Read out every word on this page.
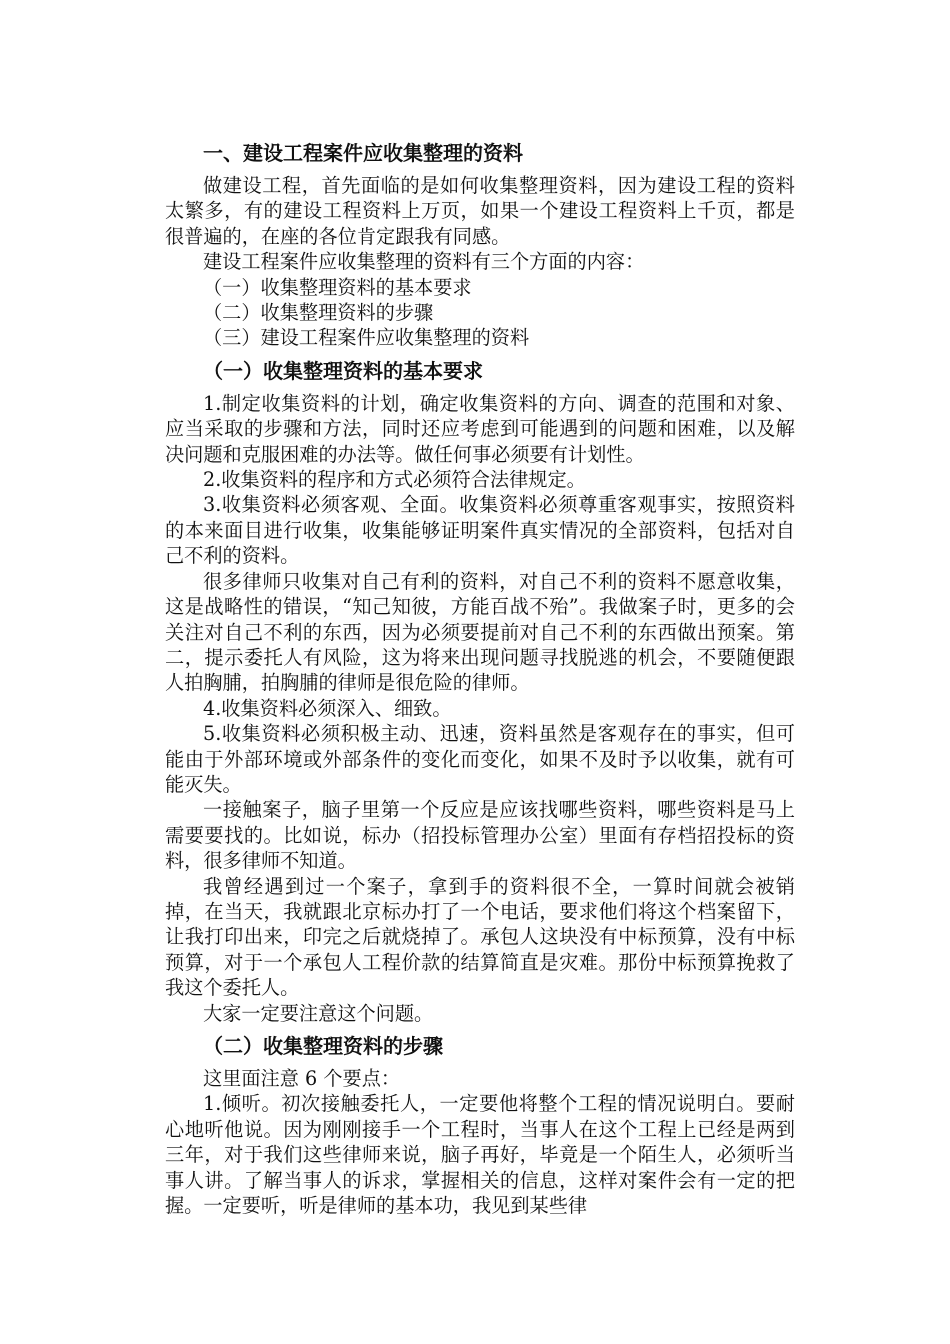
一、建设工程案件应收集整理的资料

做建设工程，首先面临的是如何收集整理资料，因为建设工程的资料太繁多，有的建设工程资料上万页，如果一个建设工程资料上千页，都是很普遍的，在座的各位肯定跟我有同感。

建设工程案件应收集整理的资料有三个方面的内容：

（一）收集整理资料的基本要求

（二）收集整理资料的步骤

（三）建设工程案件应收集整理的资料

（一）收集整理资料的基本要求

1.制定收集资料的计划，确定收集资料的方向、调查的范围和对象、应当采取的步骤和方法，同时还应考虑到可能遇到的问题和困难，以及解决问题和克服困难的办法等。做任何事必须要有计划性。

2.收集资料的程序和方式必须符合法律规定。

3.收集资料必须客观、全面。收集资料必须尊重客观事实，按照资料的本来面目进行收集，收集能够证明案件真实情况的全部资料，包括对自己不利的资料。

很多律师只收集对自己有利的资料，对自己不利的资料不愿意收集，这是战略性的错误，“知己知彼，方能百战不殆”。我做案子时，更多的会关注对自己不利的东西，因为必须要提前对自己不利的东西做出预案。第二，提示委托人有风险，这为将来出现问题寻找脱逃的机会，不要随便跟人拍胸脯，拍胸脯的律师是很危险的律师。

4.收集资料必须深入、细致。

5.收集资料必须积极主动、迅速，资料虽然是客观存在的事实，但可能由于外部环境或外部条件的变化而变化，如果不及时予以收集，就有可能灭失。

一接触案子，脑子里第一个反应是应该找哪些资料，哪些资料是马上需要要找的。比如说，标办（招投标管理办公室）里面有存档招投标的资料，很多律师不知道。

我曾经遇到过一个案子，拿到手的资料很不全，一算时间就会被销掉，在当天，我就跟北京标办打了一个电话，要求他们将这个档案留下，让我打印出来，印完之后就烧掉了。承包人这块没有中标预算，没有中标预算，对于一个承包人工程价款的结算简直是灾难。那份中标预算挽救了我这个委托人。

大家一定要注意这个问题。

（二）收集整理资料的步骤

这里面注意 6 个要点：

1.倾听。初次接触委托人，一定要他将整个工程的情况说明白。要耐心地听他说。因为刚刚接手一个工程时，当事人在这个工程上已经是两到三年，对于我们这些律师来说，脑子再好，毕竟是一个陌生人，必须听当事人讲。了解当事人的诉求，掌握相关的信息，这样对案件会有一定的把握。一定要听，听是律师的基本功，我见到某些律
